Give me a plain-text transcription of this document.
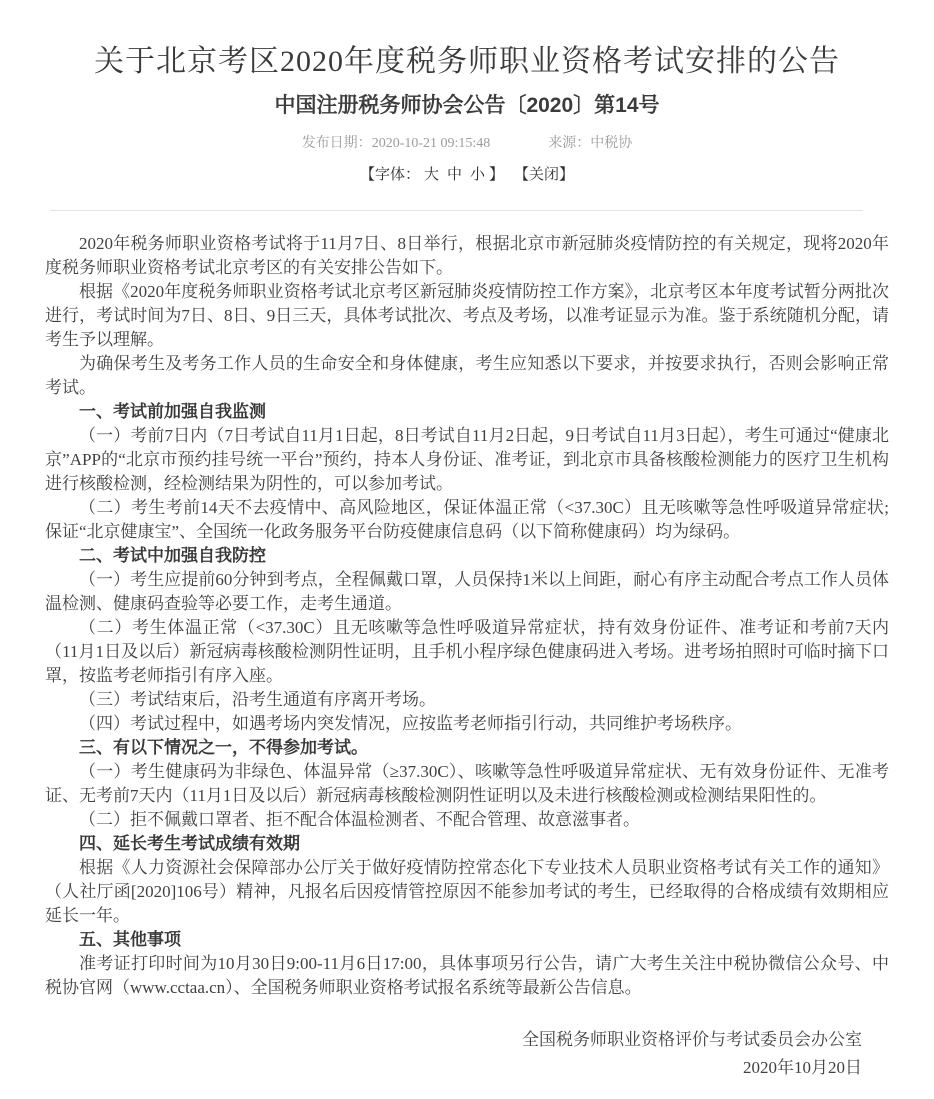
关于北京考区2020年度税务师职业资格考试安排的公告
中国注册税务师协会公告〔2020〕第14号
发布日期：2020-10-21 09:15:48	来源：中税协
【字体： 大 中 小 】 【关闭】

2020年税务师职业资格考试将于11月7日、8日举行，根据北京市新冠肺炎疫情防控的有关规定，现将2020年度税务师职业资格考试北京考区的有关安排公告如下。

根据《2020年度税务师职业资格考试北京考区新冠肺炎疫情防控工作方案》，北京考区本年度考试暂分两批次进行，考试时间为7日、8日、9日三天，具体考试批次、考点及考场，以准考证显示为准。鉴于系统随机分配，请考生予以理解。

为确保考生及考务工作人员的生命安全和身体健康，考生应知悉以下要求，并按要求执行，否则会影响正常考试。

一、考试前加强自我监测

（一）考前7日内（7日考试自11月1日起，8日考试自11月2日起，9日考试自11月3日起），考生可通过“健康北京”APP的“北京市预约挂号统一平台”预约，持本人身份证、准考证，到北京市具备核酸检测能力的医疗卫生机构进行核酸检测，经检测结果为阴性的，可以参加考试。

（二）考生考前14天不去疫情中、高风险地区，保证体温正常（<37.30C）且无咳嗽等急性呼吸道异常症状;保证“北京健康宝”、全国统一化政务服务平台防疫健康信息码（以下简称健康码）均为绿码。

二、考试中加强自我防控

（一）考生应提前60分钟到考点，全程佩戴口罩，人员保持1米以上间距，耐心有序主动配合考点工作人员体温检测、健康码查验等必要工作，走考生通道。

（二）考生体温正常（<37.30C）且无咳嗽等急性呼吸道异常症状，持有效身份证件、准考证和考前7天内（11月1日及以后）新冠病毒核酸检测阴性证明，且手机小程序绿色健康码进入考场。进考场拍照时可临时摘下口罩，按监考老师指引有序入座。

（三）考试结束后，沿考生通道有序离开考场。

（四）考试过程中，如遇考场内突发情况，应按监考老师指引行动，共同维护考场秩序。

三、有以下情况之一，不得参加考试。

（一）考生健康码为非绿色、体温异常（≥37.30C）、咳嗽等急性呼吸道异常症状、无有效身份证件、无准考证、无考前7天内（11月1日及以后）新冠病毒核酸检测阴性证明以及未进行核酸检测或检测结果阳性的。

（二）拒不佩戴口罩者、拒不配合体温检测者、不配合管理、故意滋事者。

四、延长考生考试成绩有效期

根据《人力资源社会保障部办公厅关于做好疫情防控常态化下专业技术人员职业资格考试有关工作的通知》（人社厅函[2020]106号）精神，凡报名后因疫情管控原因不能参加考试的考生，已经取得的合格成绩有效期相应延长一年。

五、其他事项

准考证打印时间为10月30日9:00-11月6日17:00，具体事项另行公告，请广大考生关注中税协微信公众号、中税协官网（www.cctaa.cn）、全国税务师职业资格考试报名系统等最新公告信息。

全国税务师职业资格评价与考试委员会办公室
2020年10月20日
